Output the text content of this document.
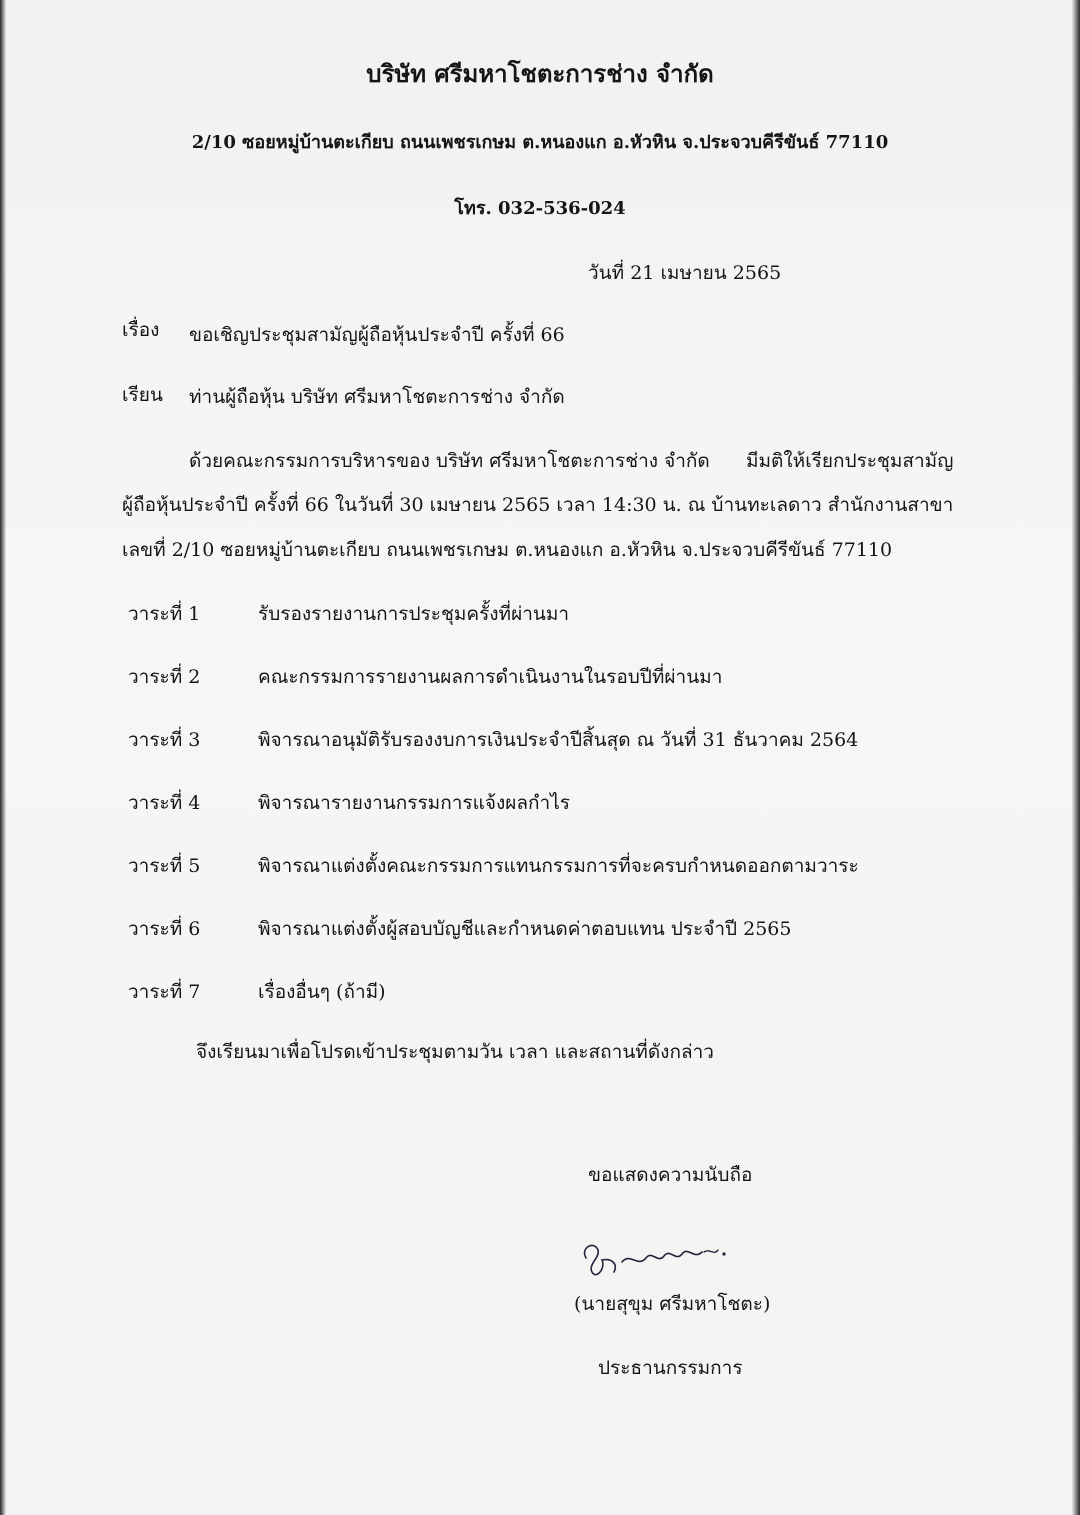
บริษัท ศรีมหาโชตะการช่าง จำกัด
2/10 ซอยหมู่บ้านตะเกียบ ถนนเพชรเกษม ต.หนองแก อ.หัวหิน จ.ประจวบคีรีขันธ์ 77110
โทร. 032-536-024
วันที่ 21 เมษายน 2565
เรื่อง ขอเชิญประชุมสามัญผู้ถือหุ้นประจำปี ครั้งที่ 66
เรียน ท่านผู้ถือหุ้น บริษัท ศรีมหาโชตะการช่าง จำกัด
ด้วยคณะกรรมการบริหารของ บริษัท ศรีมหาโชตะการช่าง จำกัด มีมติให้เรียกประชุมสามัญ
ผู้ถือหุ้นประจำปี ครั้งที่ 66 ในวันที่ 30 เมษายน 2565 เวลา 14:30 น. ณ บ้านทะเลดาว สำนักงานสาขา
เลขที่ 2/10 ซอยหมู่บ้านตะเกียบ ถนนเพชรเกษม ต.หนองแก อ.หัวหิน จ.ประจวบคีรีขันธ์ 77110
วาระที่ 1	รับรองรายงานการประชุมครั้งที่ผ่านมา
วาระที่ 2	คณะกรรมการรายงานผลการดำเนินงานในรอบปีที่ผ่านมา
วาระที่ 3	พิจารณาอนุมัติรับรองงบการเงินประจำปีสิ้นสุด ณ วันที่ 31 ธันวาคม 2564
วาระที่ 4	พิจารณารายงานกรรมการแจ้งผลกำไร
วาระที่ 5	พิจารณาแต่งตั้งคณะกรรมการแทนกรรมการที่จะครบกำหนดออกตามวาระ
วาระที่ 6	พิจารณาแต่งตั้งผู้สอบบัญชีและกำหนดค่าตอบแทน ประจำปี 2565
วาระที่ 7	เรื่องอื่นๆ (ถ้ามี)
จึงเรียนมาเพื่อโปรดเข้าประชุมตามวัน เวลา และสถานที่ดังกล่าว
ขอแสดงความนับถือ
(นายสุขุม ศรีมหาโชตะ)
ประธานกรรมการ
